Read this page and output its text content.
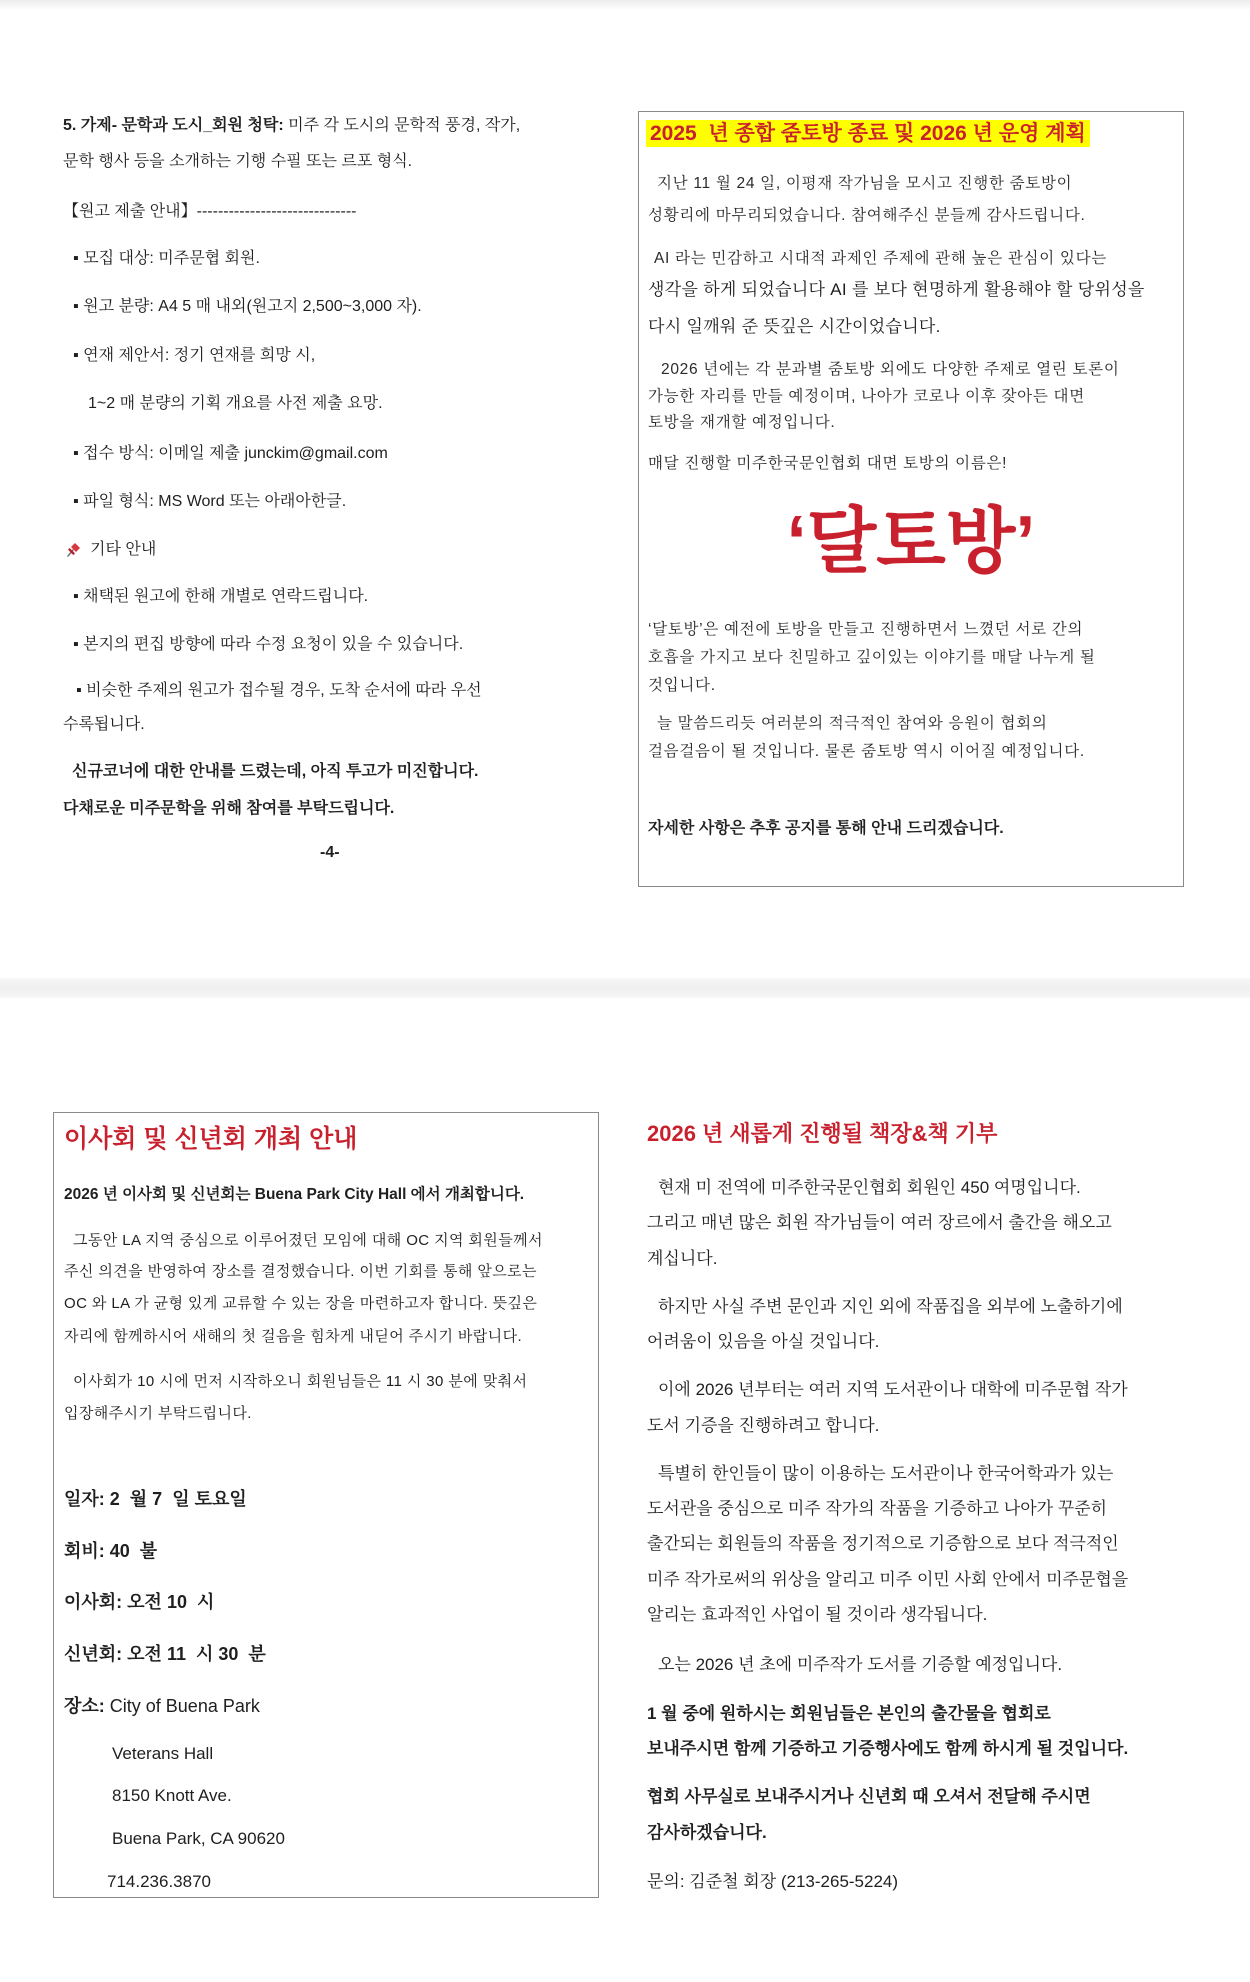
5. 가제- 문학과 도시_회원 청탁: 미주 각 도시의 문학적 풍경, 작가,
문학 행사 등을 소개하는 기행 수필 또는 르포 형식.
【원고 제출 안내】------------------------------
▪ 모집 대상: 미주문협 회원.
▪ 원고 분량: A4 5 매 내외(원고지 2,500~3,000 자).
▪ 연재 제안서: 정기 연재를 희망 시,
1~2 매 분량의 기획 개요를 사전 제출 요망.
▪ 접수 방식: 이메일 제출 junckim@gmail.com
▪ 파일 형식: MS Word 또는 아래아한글.
기타 안내
▪ 채택된 원고에 한해 개별로 연락드립니다.
▪ 본지의 편집 방향에 따라 수정 요청이 있을 수 있습니다.
▪ 비슷한 주제의 원고가 접수될 경우, 도착 순서에 따라 우선
수록됩니다.
신규코너에 대한 안내를 드렸는데, 아직 투고가 미진합니다.
다채로운 미주문학을 위해 참여를 부탁드립니다.
-4-
2025  년 종합 줌토방 종료 및 2026 년 운영 계획
지난 11 월 24 일, 이평재 작가님을 모시고 진행한 줌토방이
성황리에 마무리되었습니다. 참여해주신 분들께 감사드립니다.
AI 라는 민감하고 시대적 과제인 주제에 관해 높은 관심이 있다는
생각을 하게 되었습니다 AI 를 보다 현명하게 활용해야 할 당위성을
다시 일깨워 준 뜻깊은 시간이었습니다.
2026 년에는 각 분과별 줌토방 외에도 다양한 주제로 열린 토론이
가능한 자리를 만들 예정이며, 나아가 코로나 이후 잦아든 대면
토방을 재개할 예정입니다.
매달 진행할 미주한국문인협회 대면 토방의 이름은!
‘달토방’
‘달토방’은 예전에 토방을 만들고 진행하면서 느꼈던 서로 간의
호흡을 가지고 보다 친밀하고 깊이있는 이야기를 매달 나누게 될
것입니다.
늘 말씀드리듯 여러분의 적극적인 참여와 응원이 협회의
걸음걸음이 될 것입니다. 물론 줌토방 역시 이어질 예정입니다.
자세한 사항은 추후 공지를 통해 안내 드리겠습니다.
이사회 및 신년회 개최 안내
2026 년 이사회 및 신년회는 Buena Park City Hall 에서 개최합니다.
그동안 LA 지역 중심으로 이루어졌던 모임에 대해 OC 지역 회원들께서
주신 의견을 반영하여 장소를 결정했습니다. 이번 기회를 통해 앞으로는
OC 와 LA 가 균형 있게 교류할 수 있는 장을 마련하고자 합니다. 뜻깊은
자리에 함께하시어 새해의 첫 걸음을 힘차게 내딛어 주시기 바랍니다.
이사회가 10 시에 먼저 시작하오니 회원님들은 11 시 30 분에 맞춰서
입장해주시기 부탁드립니다.
일자: 2  월 7  일 토요일
회비: 40  불
이사회: 오전 10  시
신년회: 오전 11  시 30  분
장소: City of Buena Park
Veterans Hall
8150 Knott Ave.
Buena Park, CA 90620
714.236.3870
2026 년 새롭게 진행될 책장&책 기부
현재 미 전역에 미주한국문인협회 회원인 450 여명입니다.
그리고 매년 많은 회원 작가님들이 여러 장르에서 출간을 해오고
계십니다.
하지만 사실 주변 문인과 지인 외에 작품집을 외부에 노출하기에
어려움이 있음을 아실 것입니다.
이에 2026 년부터는 여러 지역 도서관이나 대학에 미주문협 작가
도서 기증을 진행하려고 합니다.
특별히 한인들이 많이 이용하는 도서관이나 한국어학과가 있는
도서관을 중심으로 미주 작가의 작품을 기증하고 나아가 꾸준히
출간되는 회원들의 작품을 정기적으로 기증함으로 보다 적극적인
미주 작가로써의 위상을 알리고 미주 이민 사회 안에서 미주문협을
알리는 효과적인 사업이 될 것이라 생각됩니다.
오는 2026 년 초에 미주작가 도서를 기증할 예정입니다.
1 월 중에 원하시는 회원님들은 본인의 출간물을 협회로
보내주시면 함께 기증하고 기증행사에도 함께 하시게 될 것입니다.
협회 사무실로 보내주시거나 신년회 때 오셔서 전달해 주시면
감사하겠습니다.
문의: 김준철 회장 (213-265-5224)
